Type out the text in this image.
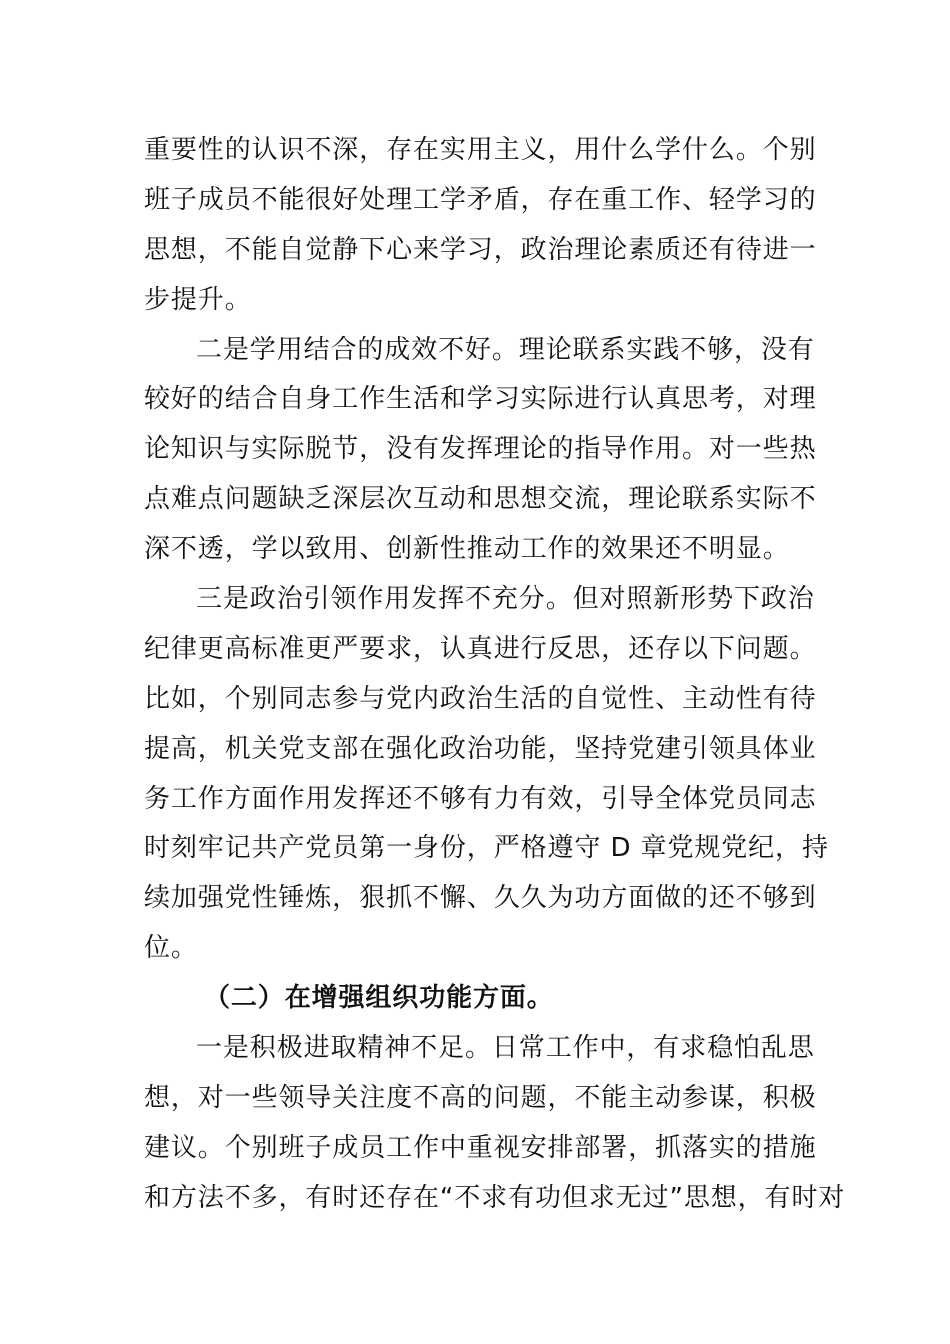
重要性的认识不深，存在实用主义，用什么学什么。个别
班子成员不能很好处理工学矛盾，存在重工作、轻学习的
思想，不能自觉静下心来学习，政治理论素质还有待进一
步提升。
二是学用结合的成效不好。理论联系实践不够，没有
较好的结合自身工作生活和学习实际进行认真思考，对理
论知识与实际脱节，没有发挥理论的指导作用。对一些热
点难点问题缺乏深层次互动和思想交流，理论联系实际不
深不透，学以致用、创新性推动工作的效果还不明显。
三是政治引领作用发挥不充分。但对照新形势下政治
纪律更高标准更严要求，认真进行反思，还存以下问题。
比如，个别同志参与党内政治生活的自觉性、主动性有待
提高，机关党支部在强化政治功能，坚持党建引领具体业
务工作方面作用发挥还不够有力有效，引导全体党员同志
时刻牢记共产党员第一身份，严格遵守 D 章党规党纪，持
续加强党性锤炼，狠抓不懈、久久为功方面做的还不够到
位。
（二）在增强组织功能方面。
一是积极进取精神不足。日常工作中，有求稳怕乱思
想，对一些领导关注度不高的问题，不能主动参谋，积极
建议。个别班子成员工作中重视安排部署，抓落实的措施
和方法不多，有时还存在“不求有功但求无过”思想，有时对
